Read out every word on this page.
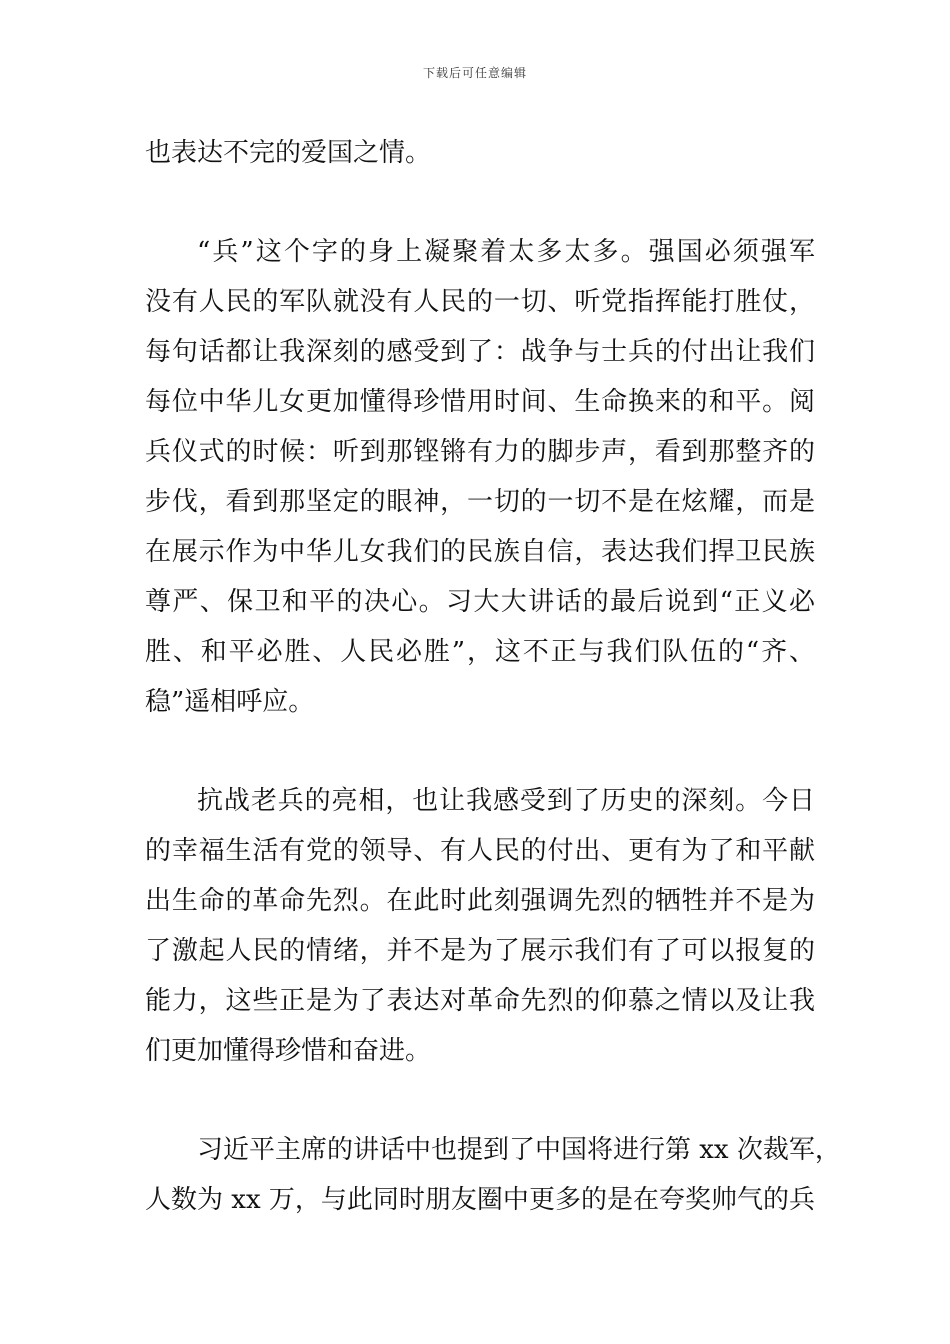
下载后可任意编辑

也表达不完的爱国之情。

“兵”这个字的身上凝聚着太多太多。强国必须强军
没有人民的军队就没有人民的一切、听党指挥能打胜仗，
每句话都让我深刻的感受到了：战争与士兵的付出让我们
每位中华儿女更加懂得珍惜用时间、生命换来的和平。阅
兵仪式的时候：听到那铿锵有力的脚步声，看到那整齐的
步伐，看到那坚定的眼神，一切的一切不是在炫耀，而是
在展示作为中华儿女我们的民族自信，表达我们捍卫民族
尊严、保卫和平的决心。习大大讲话的最后说到“正义必
胜、和平必胜、人民必胜”，这不正与我们队伍的“齐、
稳”遥相呼应。

抗战老兵的亮相，也让我感受到了历史的深刻。今日
的幸福生活有党的领导、有人民的付出、更有为了和平献
出生命的革命先烈。在此时此刻强调先烈的牺牲并不是为
了激起人民的情绪，并不是为了展示我们有了可以报复的
能力，这些正是为了表达对革命先烈的仰慕之情以及让我
们更加懂得珍惜和奋进。

习近平主席的讲话中也提到了中国将进行第 xx 次裁军，
人数为 xx 万，与此同时朋友圈中更多的是在夸奖帅气的兵
